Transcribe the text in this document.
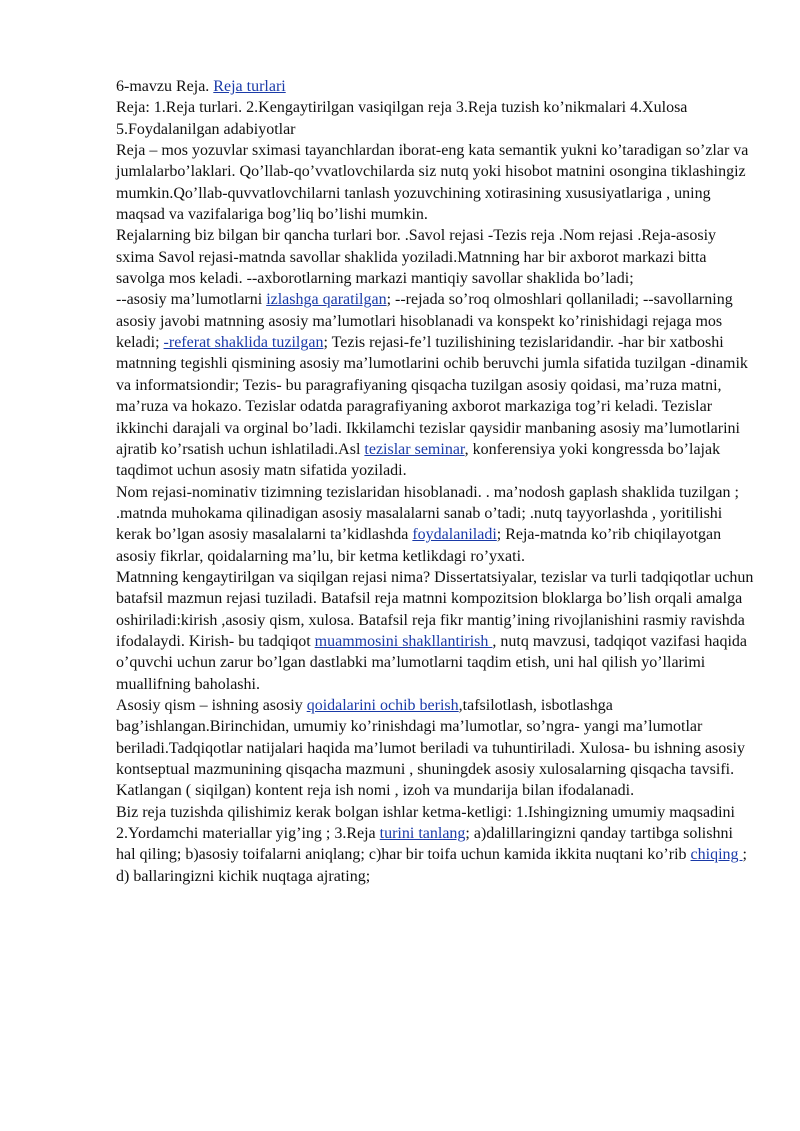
6-mavzu Reja. Reja turlari

Reja: 1.Reja turlari. 2.Kengaytirilgan vasiqilgan reja 3.Reja tuzish ko’nikmalari 4.Xulosa 5.Foydalanilgan adabiyotlar

Reja – mos yozuvlar sximasi tayanchlardan iborat-eng kata semantik yukni ko’taradigan so’zlar va jumlalarbo’laklari. Qo’llab-qo’vvatlovchilarda siz nutq yoki hisobot matnini osongina tiklashingiz mumkin.Qo’llab-quvvatlovchilarni tanlash yozuvchining xotirasining xususiyatlariga , uning maqsad va vazifalariga bog’liq bo’lishi mumkin.

Rejalarning biz bilgan bir qancha turlari bor. .Savol rejasi -Tezis reja .Nom rejasi .Reja-asosiy sxima Savol rejasi-matnda savollar shaklida yoziladi.Matnning har bir axborot markazi bitta savolga mos keladi. --axborotlarning markazi mantiqiy savollar shaklida bo’ladi;

--asosiy ma’lumotlarni izlashga qaratilgan; --rejada so’roq olmoshlari qollaniladi; --savollarning asosiy javobi matnning asosiy ma’lumotlari hisoblanadi va konspekt ko’rinishidagi rejaga mos keladi; -referat shaklida tuzilgan; Tezis rejasi-fe’l tuzilishining tezislaridandir. -har bir xatboshi matnning tegishli qismining asosiy ma’lumotlarini ochib beruvchi jumla sifatida tuzilgan -dinamik va informatsiondir; Tezis- bu paragrafiyaning qisqacha tuzilgan asosiy qoidasi, ma’ruza matni, ma’ruza va hokazo. Tezislar odatda paragrafiyaning axborot markaziga tog’ri keladi. Tezislar ikkinchi darajali va orginal bo’ladi. Ikkilamchi tezislar qaysidir manbaning asosiy ma’lumotlarini ajratib ko’rsatish uchun ishlatiladi.Asl tezislar seminar, konferensiya yoki kongressda bo’lajak taqdimot uchun asosiy matn sifatida yoziladi.

Nom rejasi-nominativ tizimning tezislaridan hisoblanadi. . ma’nodosh gaplash shaklida tuzilgan ; .matnda muhokama qilinadigan asosiy masalalarni sanab o’tadi; .nutq tayyorlashda , yoritilishi kerak bo’lgan asosiy masalalarni ta’kidlashda foydalaniladi; Reja-matnda ko’rib chiqilayotgan asosiy fikrlar, qoidalarning ma’lu, bir ketma ketlikdagi ro’yxati.

Matnning kengaytirilgan va siqilgan rejasi nima? Dissertatsiyalar, tezislar va turli tadqiqotlar uchun batafsil mazmun rejasi tuziladi. Batafsil reja matnni kompozitsion bloklarga bo’lish orqali amalga oshiriladi:kirish ,asosiy qism, xulosa. Batafsil reja fikr mantig’ining rivojlanishini rasmiy ravishda ifodalaydi. Kirish- bu tadqiqot muammosini shakllantirish , nutq mavzusi, tadqiqot vazifasi haqida o’quvchi uchun zarur bo’lgan dastlabki ma’lumotlarni taqdim etish, uni hal qilish yo’llarimi muallifning baholashi.

Asosiy qism – ishning asosiy qoidalarini ochib berish,tafsilotlash, isbotlashga bag’ishlangan.Birinchidan, umumiy ko’rinishdagi ma’lumotlar, so’ngra- yangi ma’lumotlar beriladi.Tadqiqotlar natijalari haqida ma’lumot beriladi va tuhuntiriladi. Xulosa- bu ishning asosiy kontseptual mazmunining qisqacha mazmuni , shuningdek asosiy xulosalarning qisqacha tavsifi. Katlangan ( siqilgan) kontent reja ish nomi , izoh va mundarija bilan ifodalanadi.

Biz reja tuzishda qilishimiz kerak bolgan ishlar ketma-ketligi: 1.Ishingizning umumiy maqsadini 2.Yordamchi materiallar yig’ing ; 3.Reja turini tanlang; a)dalillaringizni qanday tartibga solishni hal qiling; b)asosiy toifalarni aniqlang; c)har bir toifa uchun kamida ikkita nuqtani ko’rib chiqing ; d) ballaringizni kichik nuqtaga ajrating;
